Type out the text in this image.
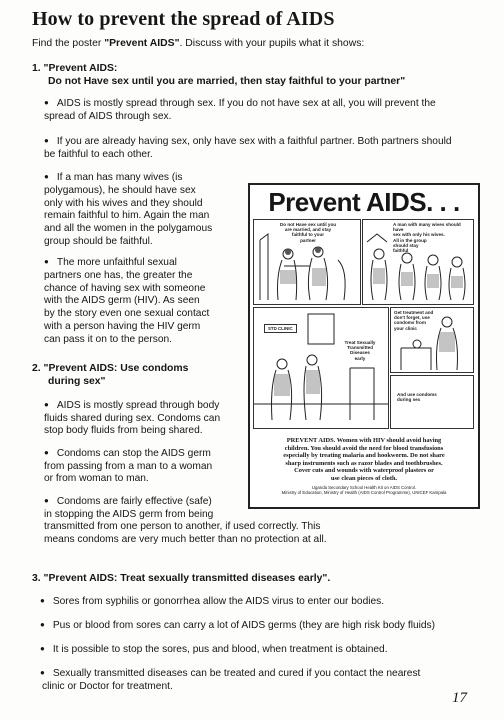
How to prevent the spread of AIDS
Find the poster "Prevent AIDS". Discuss with your pupils what it shows:
1. "Prevent AIDS:
Do not Have sex until you are married, then stay faithful to your partner"
● AIDS is mostly spread through sex. If you do not have sex at all, you will prevent the
spread of AIDS through sex.
● If you are already having sex, only have sex with a faithful partner. Both partners should
be faithful to each other.
● If a man has many wives (is
polygamous), he should have sex
only with his wives and they should
remain faithful to him. Again the man
and all the women in the polygamous
group should be faithful.
● The more unfaithful sexual
partners one has, the greater the
chance of having sex with someone
with the AIDS germ (HIV). As seen
by the story even one sexual contact
with a person having the HIV germ
can pass it on to the person.
2. "Prevent AIDS: Use condoms
during sex"
● AIDS is mostly spread through body
fluids shared during sex. Condoms can
stop body fluids from being shared.
● Condoms can stop the AIDS germ
from passing from a man to a woman
or from woman to man.
● Condoms are fairly effective (safe)
in stopping the AIDS germ from being
transmitted from one person to another, if used correctly. This
means condoms are very much better than no protection at all.
3. "Prevent AIDS: Treat sexually transmitted diseases early".
● Sores from syphilis or gonorrhea allow the AIDS virus to enter our bodies.
● Pus or blood from sores can carry a lot of AIDS germs (they are high risk body fluids)
● It is possible to stop the sores, pus and blood, when treatment is obtained.
● Sexually transmitted diseases can be treated and cured if you contact the nearest
clinic or Doctor for treatment.
Prevent AIDS. . .
Do not Have sex until you
are married, and stay
faithful to your
partner
A man with many wives should have
sex with only his wives.
All in the group
should stay
faithful
Treat Sexually
Transmitted
Diseases
early
STD CLINIC
Get treatment and
don't forget, use
condoms from
your clinic
And use condoms
during sex
PREVENT AIDS. Women with HIV should avoid having
children. You should avoid the need for blood transfusions
especially by treating malaria and hookworm. Do not share
sharp instruments such as razor blades and toothbrushes.
Cover cuts and wounds with waterproof plasters or
use clean pieces of cloth.
Uganda Secondary School Health Kit on AIDS Control.
Ministry of Education, Ministry of Health (AIDS Control Programme), UNICEF Kampala
17
